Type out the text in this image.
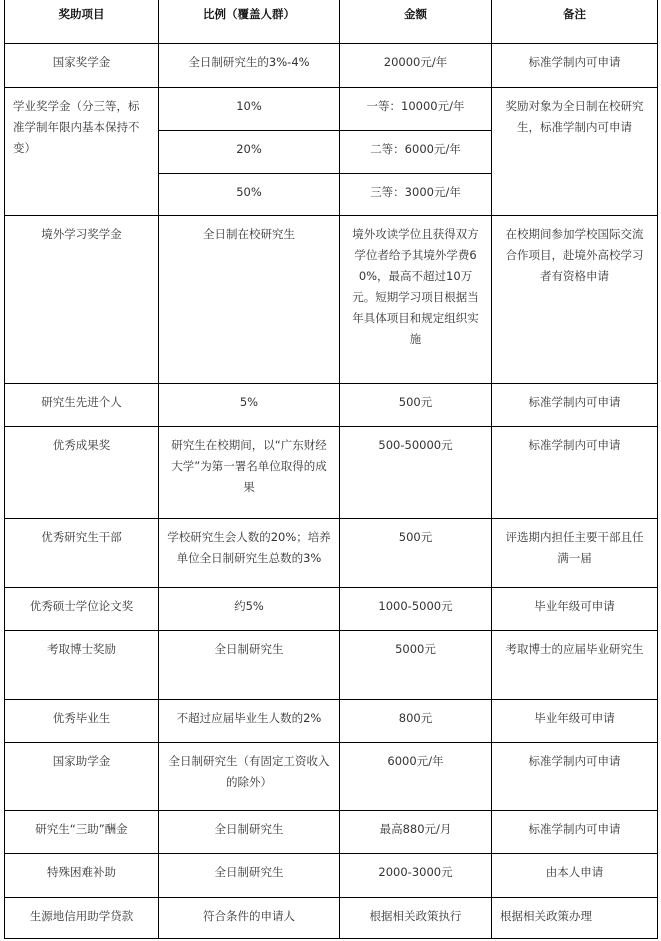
奖助项目	比例（覆盖人群）	金额	备注
国家奖学金	全日制研究生的3%-4%	20000元/年	标准学制内可申请
学业奖学金（分三等，标准学制年限内基本保持不变）	10%	一等：10000元/年	奖励对象为全日制在校研究生，标准学制内可申请
	20%	二等：6000元/年	
	50%	三等：3000元/年	
境外学习奖学金	全日制在校研究生	境外攻读学位且获得双方学位者给予其境外学费60%，最高不超过10万元。短期学习项目根据当年具体项目和规定组织实施	在校期间参加学校国际交流合作项目，赴境外高校学习者有资格申请
研究生先进个人	5%	500元	标准学制内可申请
优秀成果奖	研究生在校期间，以“广东财经大学”为第一署名单位取得的成果	500-50000元	标准学制内可申请
优秀研究生干部	学校研究生会人数的20%；培养单位全日制研究生总数的3%	500元	评选期内担任主要干部且任满一届
优秀硕士学位论文奖	约5%	1000-5000元	毕业年级可申请
考取博士奖励	全日制研究生	5000元	考取博士的应届毕业研究生
优秀毕业生	不超过应届毕业生人数的2%	800元	毕业年级可申请
国家助学金	全日制研究生（有固定工资收入的除外）	6000元/年	标准学制内可申请
研究生“三助”酬金	全日制研究生	最高880元/月	标准学制内可申请
特殊困难补助	全日制研究生	2000-3000元	由本人申请
生源地信用助学贷款	符合条件的申请人	根据相关政策执行	根据相关政策办理
